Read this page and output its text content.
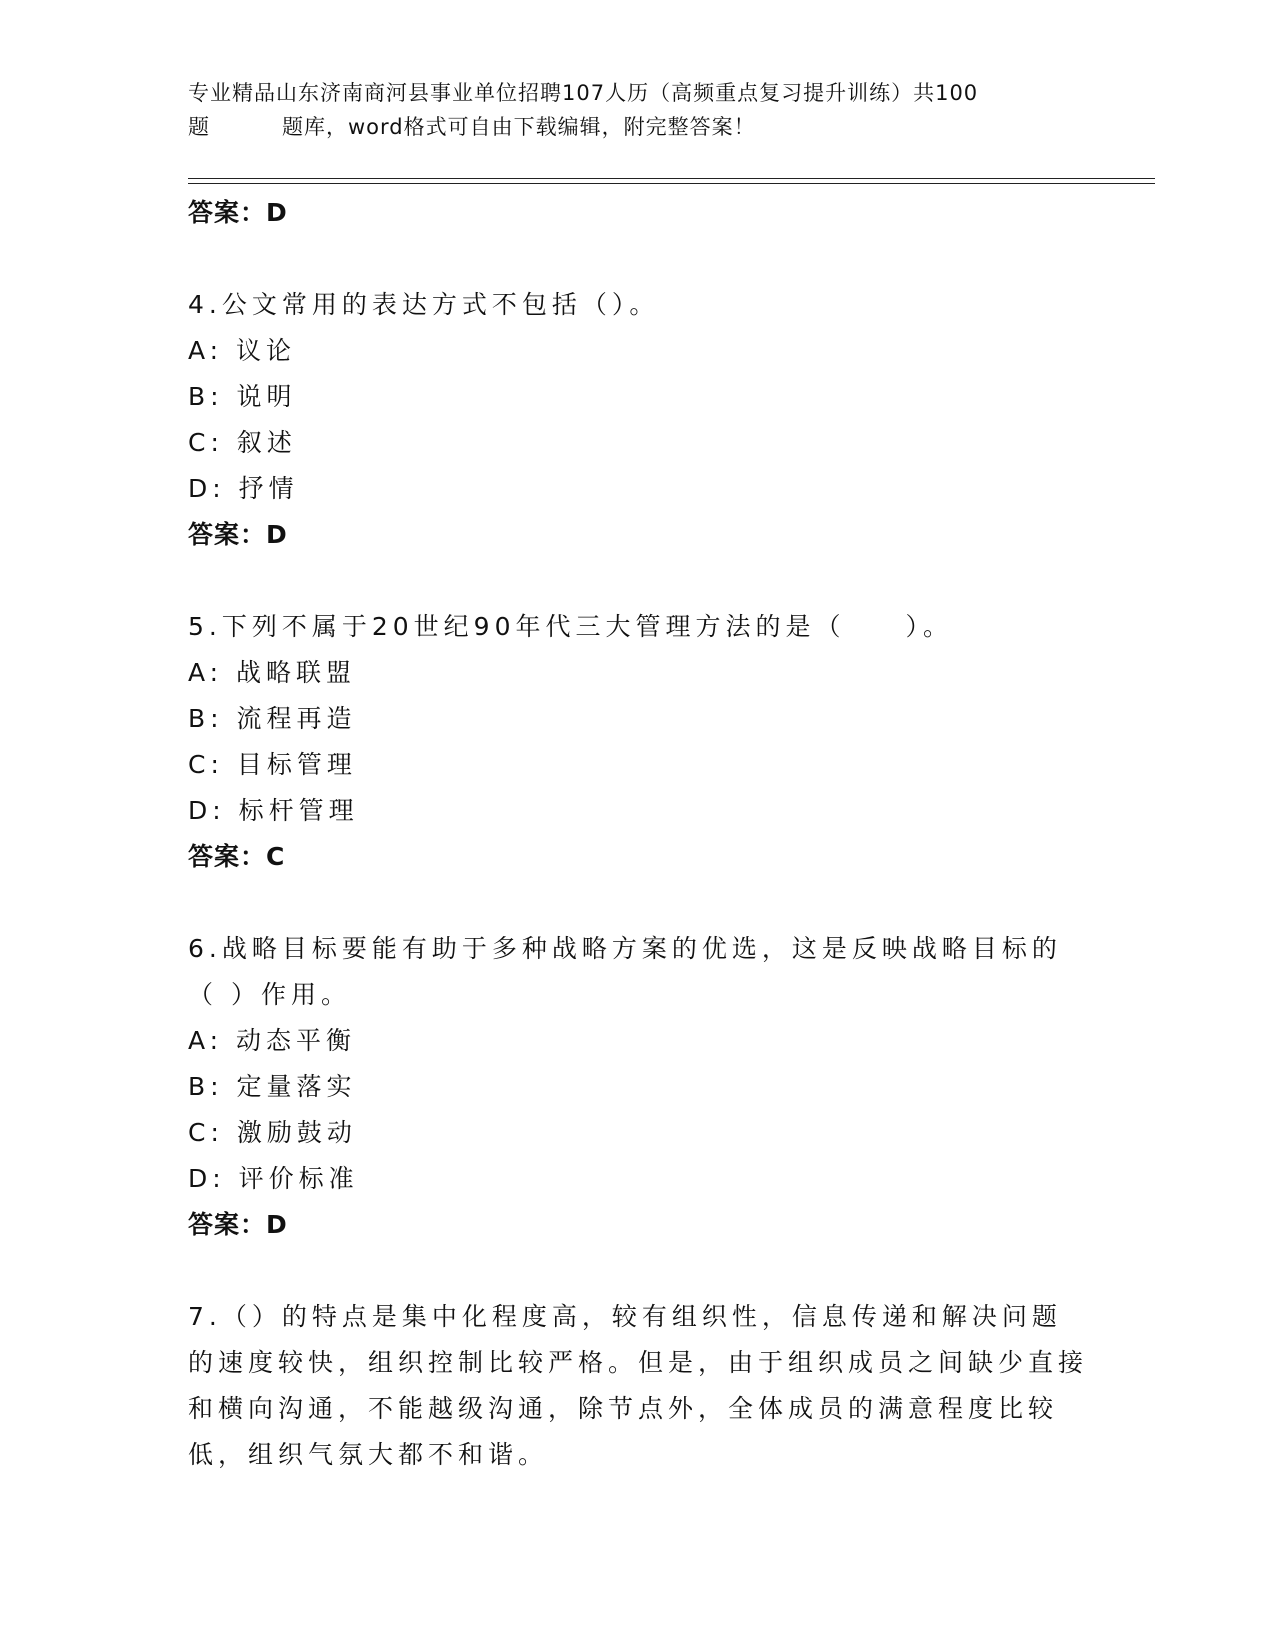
专业精品山东济南商河县事业单位招聘107人历（高频重点复习提升训练）共100
题	题库，word格式可自由下载编辑，附完整答案！
答案：D
4.公文常用的表达方式不包括（）。
A: 议论
B: 说明
C: 叙述
D: 抒情
答案：D
5.下列不属于20世纪90年代三大管理方法的是（　　）。
A: 战略联盟
B: 流程再造
C: 目标管理
D: 标杆管理
答案：C
6.战略目标要能有助于多种战略方案的优选，这是反映战略目标的（ ）作用。
A: 动态平衡
B: 定量落实
C: 激励鼓动
D: 评价标准
答案：D
7.（）的特点是集中化程度高，较有组织性，信息传递和解决问题的速度较快，组织控制比较严格。但是，由于组织成员之间缺少直接和横向沟通，不能越级沟通，除节点外，全体成员的满意程度比较低，组织气氛大都不和谐。
